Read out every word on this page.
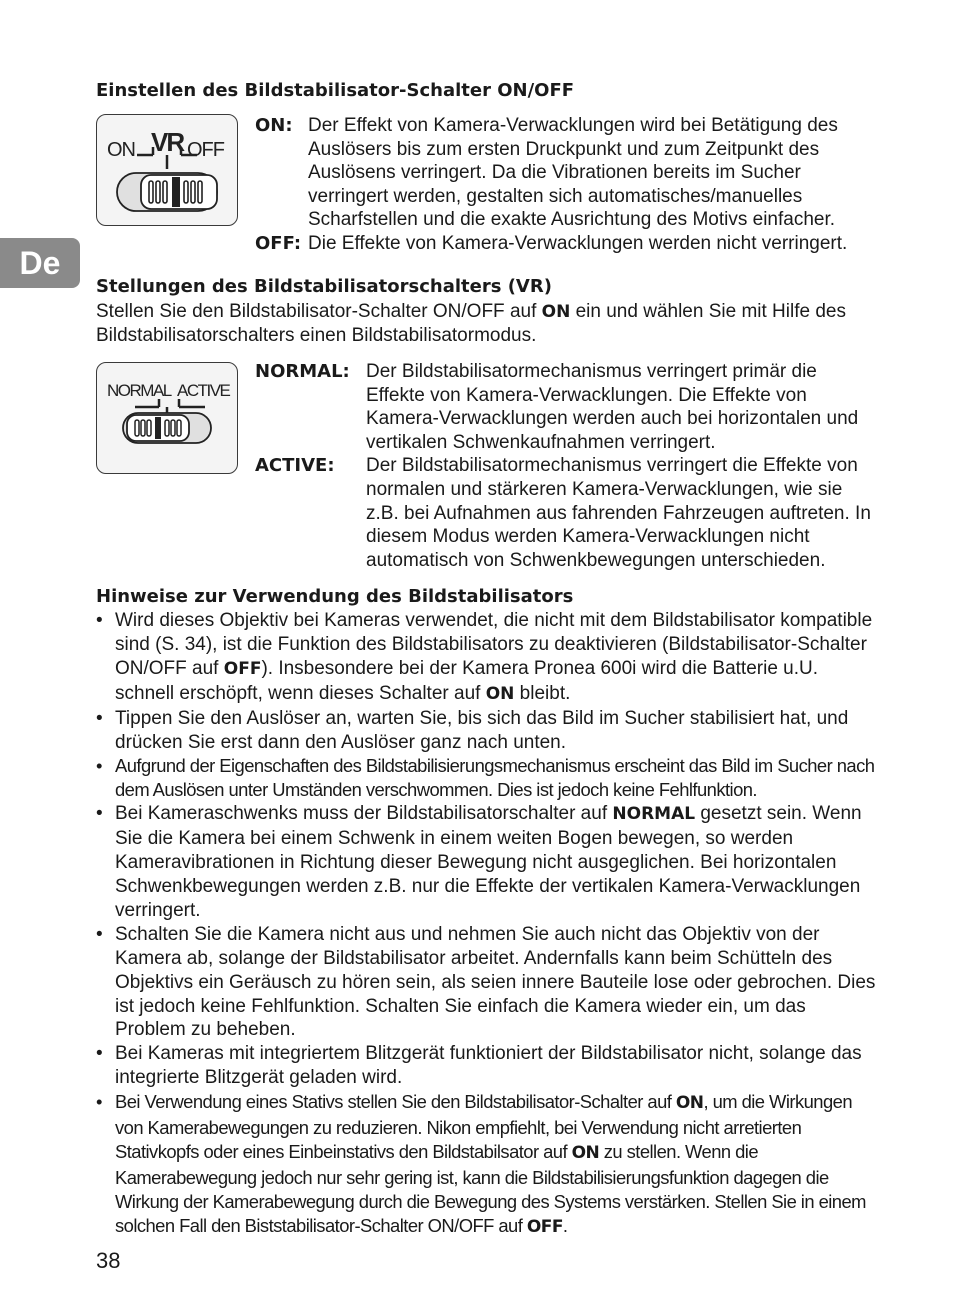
De
Einstellen des Bildstabilisator-Schalter ON/OFF
ON VR OFF
ON: Der Effekt von Kamera-Verwacklungen wird bei Betätigung des Auslösers bis zum ersten Druckpunkt und zum Zeitpunkt des Auslösens verringert. Da die Vibrationen bereits im Sucher verringert werden, gestalten sich automatisches/manuelles Scharfstellen und die exakte Ausrichtung des Motivs einfacher.
OFF: Die Effekte von Kamera-Verwacklungen werden nicht verringert.
Stellungen des Bildstabilisatorschalters (VR)

Stellen Sie den Bildstabilisator-Schalter ON/OFF auf ON ein und wählen Sie mit Hilfe des Bildstabilisatorschalters einen Bildstabilisatormodus.

NORMAL ACTIVE
NORMAL: Der Bildstabilisatormechanismus verringert primär die Effekte von Kamera-Verwacklungen. Die Effekte von Kamera-Verwacklungen werden auch bei horizontalen und vertikalen Schwenkaufnahmen verringert.
ACTIVE:	Der Bildstabilisatormechanismus verringert die Effekte von normalen und stärkeren Kamera-Verwacklungen, wie sie z.B. bei Aufnahmen aus fahrenden Fahrzeugen auftreten. In diesem Modus werden Kamera-Verwacklungen nicht automatisch von Schwenkbewegungen unterschieden.
Hinweise zur Verwendung des Bildstabilisators
• Wird dieses Objektiv bei Kameras verwendet, die nicht mit dem Bildstabilisator kompatible sind (S. 34), ist die Funktion des Bildstabilisators zu deaktivieren (Bildstabilisator-Schalter ON/OFF auf OFF). Insbesondere bei der Kamera Pronea 600i wird die Batterie u.U. schnell erschöpft, wenn dieses Schalter auf ON bleibt.
• Tippen Sie den Auslöser an, warten Sie, bis sich das Bild im Sucher stabilisiert hat, und drücken Sie erst dann den Auslöser ganz nach unten.
• Aufgrund der Eigenschaften des Bildstabilisierungsmechanismus erscheint das Bild im Sucher nach dem Auslösen unter Umständen verschwommen. Dies ist jedoch keine Fehlfunktion.
• Bei Kameraschwenks muss der Bildstabilisatorschalter auf NORMAL gesetzt sein. Wenn Sie die Kamera bei einem Schwenk in einem weiten Bogen bewegen, so werden Kameravibrationen in Richtung dieser Bewegung nicht ausgeglichen. Bei horizontalen Schwenkbewegungen werden z.B. nur die Effekte der vertikalen Kamera-Verwacklungen verringert.
• Schalten Sie die Kamera nicht aus und nehmen Sie auch nicht das Objektiv von der Kamera ab, solange der Bildstabilisator arbeitet. Andernfalls kann beim Schütteln des Objektivs ein Geräusch zu hören sein, als seien innere Bauteile lose oder gebrochen. Dies ist jedoch keine Fehlfunktion. Schalten Sie einfach die Kamera wieder ein, um das Problem zu beheben.
• Bei Kameras mit integriertem Blitzgerät funktioniert der Bildstabilisator nicht, solange das integrierte Blitzgerät geladen wird.
• Bei Verwendung eines Stativs stellen Sie den Bildstabilisator-Schalter auf ON, um die Wirkungen von Kamerabewegungen zu reduzieren. Nikon empfiehlt, bei Verwendung nicht arretierten Stativkopfs oder eines Einbeinstativs den Bildstabilsator auf ON zu stellen. Wenn die Kamerabewegung jedoch nur sehr gering ist, kann die Bildstabilisierungsfunktion dagegen die Wirkung der Kamerabewegung durch die Bewegung des Systems verstärken. Stellen Sie in einem solchen Fall den Biststabilisator-Schalter ON/OFF auf OFF.
38
